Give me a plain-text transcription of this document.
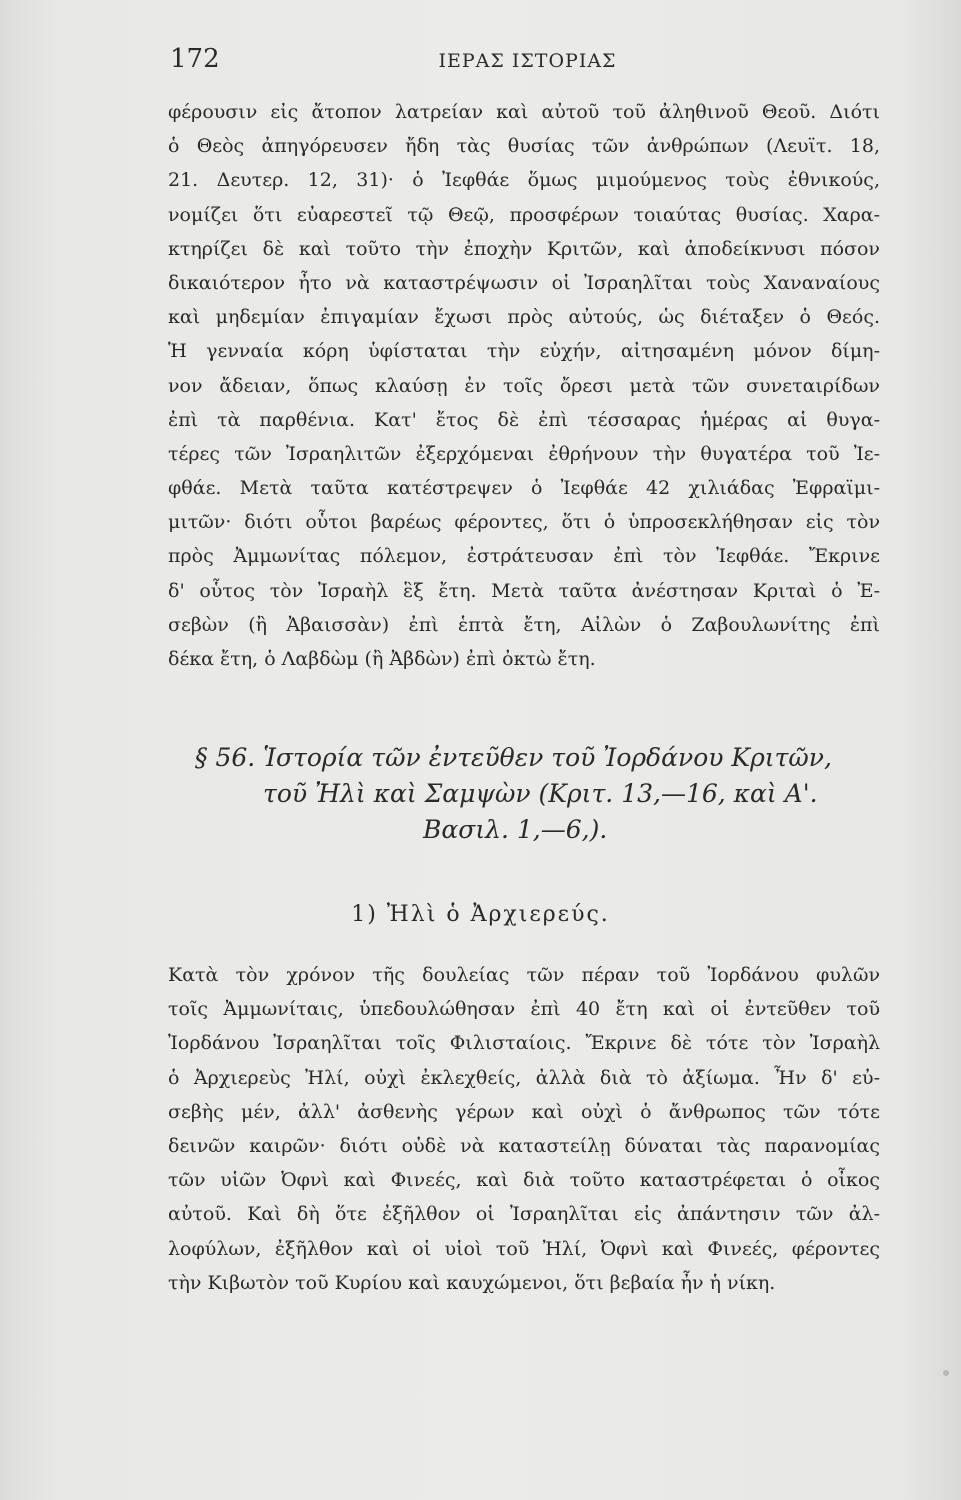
172	ΙΕΡΑΣ ΙΣΤΟΡΙΑΣ
φέρουσιν εἰς ἄτοπον λατρείαν καὶ αὐτοῦ τοῦ ἀληθινοῦ Θεοῦ. Διότι
ὁ Θεὸς ἀπηγόρευσεν ἤδη τὰς θυσίας τῶν ἀνθρώπων (Λευϊτ. 18,
21. Δευτερ. 12, 31)· ὁ Ἰεφθάε ὅμως μιμούμενος τοὺς ἐθνικούς,
νομίζει ὅτι εὐαρεστεῖ τῷ Θεῷ, προσφέρων τοιαύτας θυσίας. Χαρα-
κτηρίζει δὲ καὶ τοῦτο τὴν ἐποχὴν Κριτῶν, καὶ ἀποδείκνυσι πόσον
δικαιότερον ἦτο νὰ καταστρέψωσιν οἱ Ἰσραηλῖται τοὺς Χαναναίους
καὶ μηδεμίαν ἐπιγαμίαν ἔχωσι πρὸς αὐτούς, ὡς διέταξεν ὁ Θεός.
Ἡ γενναία κόρη ὑφίσταται τὴν εὐχήν, αἰτησαμένη μόνον δίμη-
νον ἄδειαν, ὅπως κλαύσῃ ἐν τοῖς ὄρεσι μετὰ τῶν συνεταιρίδων
ἐπὶ τὰ παρθένια. Κατ' ἔτος δὲ ἐπὶ τέσσαρας ἡμέρας αἱ θυγα-
τέρες τῶν Ἰσραηλιτῶν ἐξερχόμεναι ἐθρήνουν τὴν θυγατέρα τοῦ Ἰε-
φθάε. Μετὰ ταῦτα κατέστρεψεν ὁ Ἰεφθάε 42 χιλιάδας Ἐφραϊμι-
μιτῶν· διότι οὗτοι βαρέως φέροντες, ὅτι ὁ ὑπροσεκλήθησαν εἰς τὸν
πρὸς Ἀμμωνίτας πόλεμον, ἐστράτευσαν ἐπὶ τὸν Ἰεφθάε. Ἔκρινε
δ' οὗτος τὸν Ἰσραὴλ ἓξ ἔτη. Μετὰ ταῦτα ἀνέστησαν Κριταὶ ὁ Ἐ-
σεβὼν (ἢ Ἀβαισσὰν) ἐπὶ ἑπτὰ ἔτη, Αἰλὼν ὁ Ζαβουλωνίτης ἐπὶ
δέκα ἔτη, ὁ Λαβδὼμ (ἢ Ἀβδὼν) ἐπὶ ὀκτὼ ἔτη.
§ 56. Ἱστορία τῶν ἐντεῦθεν τοῦ Ἰορδάνου Κριτῶν,
τοῦ Ἠλὶ καὶ Σαμψὼν (Κριτ. 13,—16, καὶ Α'.
Βασιλ. 1,—6,).
1) Ἠλὶ ὁ Ἀρχιερεύς.
Κατὰ τὸν χρόνον τῆς δουλείας τῶν πέραν τοῦ Ἰορδάνου φυλῶν
τοῖς Ἀμμωνίταις, ὑπεδουλώθησαν ἐπὶ 40 ἔτη καὶ οἱ ἐντεῦθεν τοῦ
Ἰορδάνου Ἰσραηλῖται τοῖς Φιλισταίοις. Ἔκρινε δὲ τότε τὸν Ἰσραὴλ
ὁ Ἀρχιερεὺς Ἠλί, οὐχὶ ἐκλεχθείς, ἀλλὰ διὰ τὸ ἀξίωμα. Ἦν δ' εὐ-
σεβὴς μέν, ἀλλ' ἀσθενὴς γέρων καὶ οὐχὶ ὁ ἄνθρωπος τῶν τότε
δεινῶν καιρῶν· διότι οὐδὲ νὰ καταστείλῃ δύναται τὰς παρανομίας
τῶν υἱῶν Ὀφνὶ καὶ Φινεές, καὶ διὰ τοῦτο καταστρέφεται ὁ οἶκος
αὐτοῦ. Καὶ δὴ ὅτε ἐξῆλθον οἱ Ἰσραηλῖται εἰς ἀπάντησιν τῶν ἀλ-
λοφύλων, ἐξῆλθον καὶ οἱ υἱοὶ τοῦ Ἠλί, Ὀφνὶ καὶ Φινεές, φέροντες
τὴν Κιβωτὸν τοῦ Κυρίου καὶ καυχώμενοι, ὅτι βεβαία ἦν ἡ νίκη.
